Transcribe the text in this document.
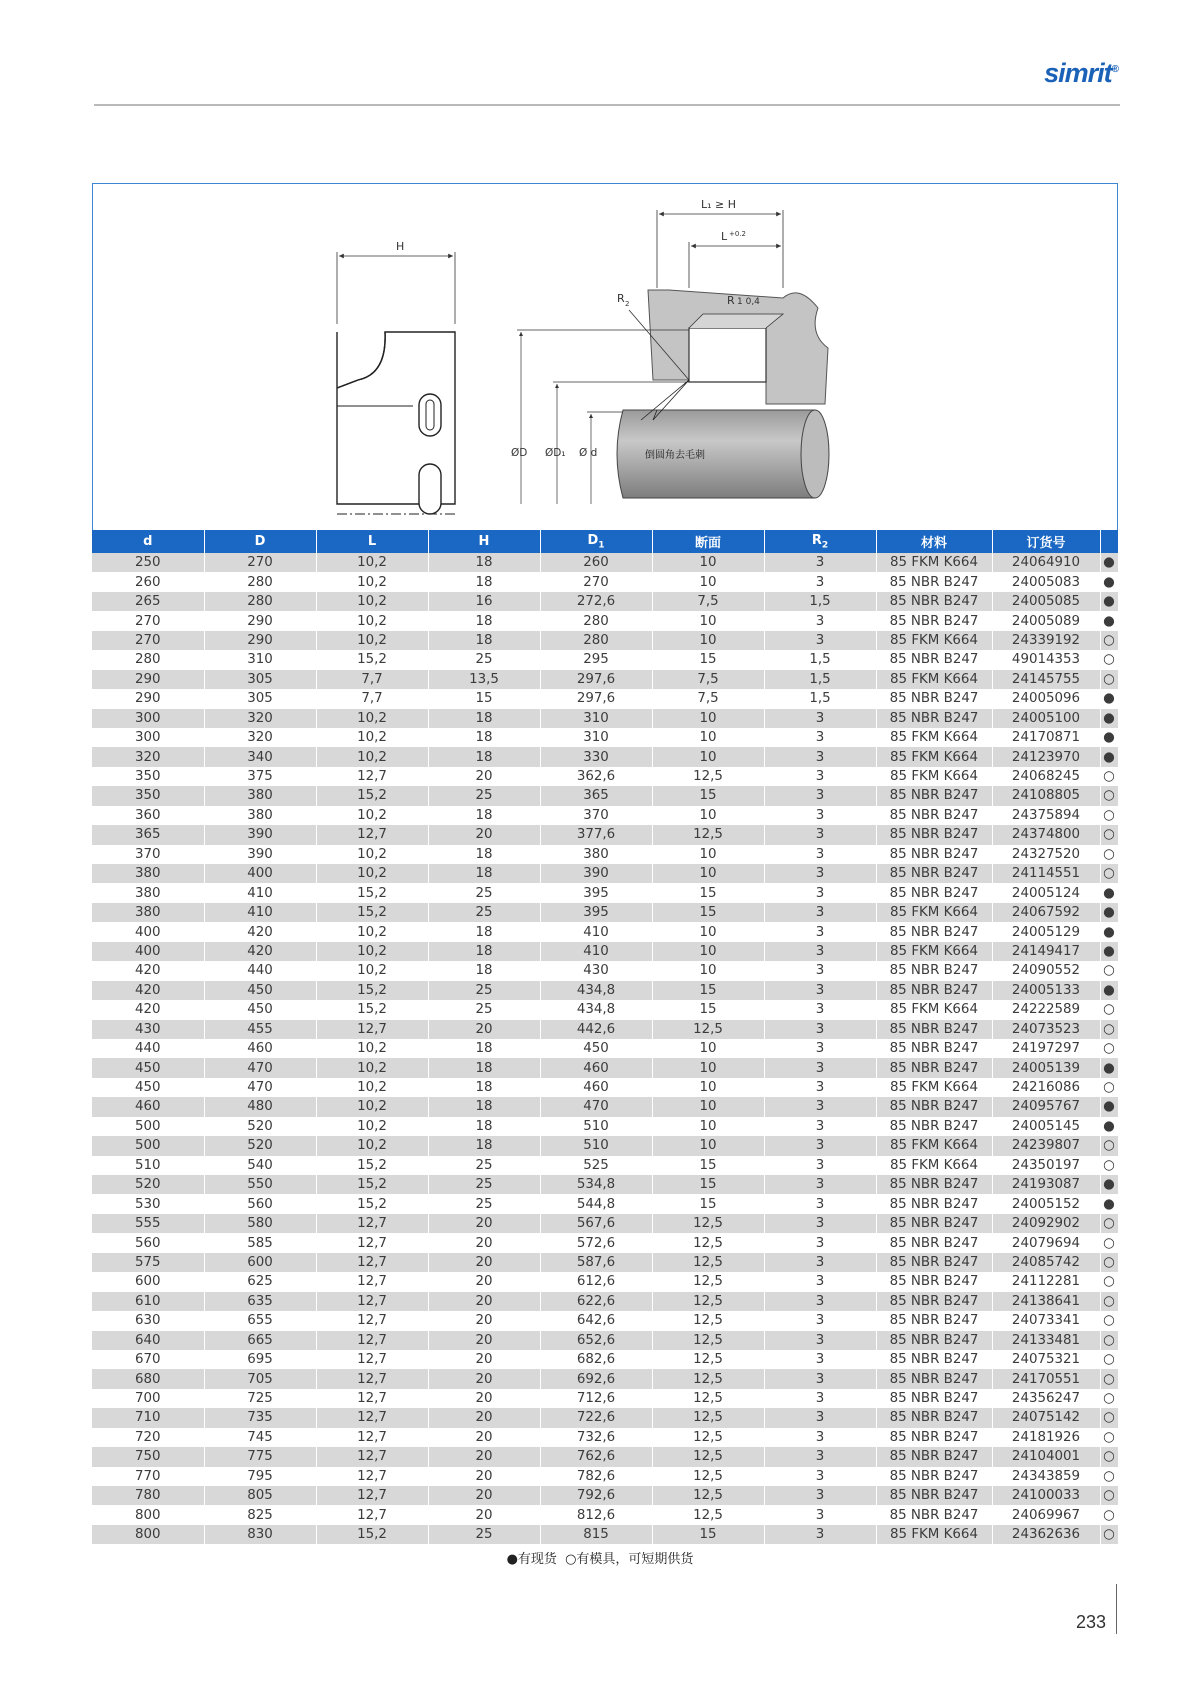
simrit®
H
L₁ ≥ H
L +0.2
R 2	R 1 0,4
倒圆角去毛刺
ØD ØD₁ Ø d
d	D	L	H	$D_1$	断面	$R_2$	材料	订货号	
250	270	10,2	18	260	10	3	85 FKM K664	24064910	●
260	280	10,2	18	270	10	3	85 NBR B247	24005083	●
265	280	10,2	16	272,6	7,5	1,5	85 NBR B247	24005085	●
270	290	10,2	18	280	10	3	85 NBR B247	24005089	●
270	290	10,2	18	280	10	3	85 FKM K664	24339192	○
280	310	15,2	25	295	15	1,5	85 NBR B247	49014353	○
290	305	7,7	13,5	297,6	7,5	1,5	85 FKM K664	24145755	○
290	305	7,7	15	297,6	7,5	1,5	85 NBR B247	24005096	●
300	320	10,2	18	310	10	3	85 NBR B247	24005100	●
300	320	10,2	18	310	10	3	85 FKM K664	24170871	●
320	340	10,2	18	330	10	3	85 FKM K664	24123970	●
350	375	12,7	20	362,6	12,5	3	85 FKM K664	24068245	○
350	380	15,2	25	365	15	3	85 NBR B247	24108805	○
360	380	10,2	18	370	10	3	85 NBR B247	24375894	○
365	390	12,7	20	377,6	12,5	3	85 NBR B247	24374800	○
370	390	10,2	18	380	10	3	85 NBR B247	24327520	○
380	400	10,2	18	390	10	3	85 NBR B247	24114551	○
380	410	15,2	25	395	15	3	85 NBR B247	24005124	●
380	410	15,2	25	395	15	3	85 FKM K664	24067592	●
400	420	10,2	18	410	10	3	85 NBR B247	24005129	●
400	420	10,2	18	410	10	3	85 FKM K664	24149417	●
420	440	10,2	18	430	10	3	85 NBR B247	24090552	○
420	450	15,2	25	434,8	15	3	85 NBR B247	24005133	●
420	450	15,2	25	434,8	15	3	85 FKM K664	24222589	○
430	455	12,7	20	442,6	12,5	3	85 NBR B247	24073523	○
440	460	10,2	18	450	10	3	85 NBR B247	24197297	○
450	470	10,2	18	460	10	3	85 NBR B247	24005139	●
450	470	10,2	18	460	10	3	85 FKM K664	24216086	○
460	480	10,2	18	470	10	3	85 NBR B247	24095767	●
500	520	10,2	18	510	10	3	85 NBR B247	24005145	●
500	520	10,2	18	510	10	3	85 FKM K664	24239807	○
510	540	15,2	25	525	15	3	85 FKM K664	24350197	○
520	550	15,2	25	534,8	15	3	85 NBR B247	24193087	●
530	560	15,2	25	544,8	15	3	85 NBR B247	24005152	●
555	580	12,7	20	567,6	12,5	3	85 NBR B247	24092902	○
560	585	12,7	20	572,6	12,5	3	85 NBR B247	24079694	○
575	600	12,7	20	587,6	12,5	3	85 NBR B247	24085742	○
600	625	12,7	20	612,6	12,5	3	85 NBR B247	24112281	○
610	635	12,7	20	622,6	12,5	3	85 NBR B247	24138641	○
630	655	12,7	20	642,6	12,5	3	85 NBR B247	24073341	○
640	665	12,7	20	652,6	12,5	3	85 NBR B247	24133481	○
670	695	12,7	20	682,6	12,5	3	85 NBR B247	24075321	○
680	705	12,7	20	692,6	12,5	3	85 NBR B247	24170551	○
700	725	12,7	20	712,6	12,5	3	85 NBR B247	24356247	○
710	735	12,7	20	722,6	12,5	3	85 NBR B247	24075142	○
720	745	12,7	20	732,6	12,5	3	85 NBR B247	24181926	○
750	775	12,7	20	762,6	12,5	3	85 NBR B247	24104001	○
770	795	12,7	20	782,6	12,5	3	85 NBR B247	24343859	○
780	805	12,7	20	792,6	12,5	3	85 NBR B247	24100033	○
800	825	12,7	20	812,6	12,5	3	85 NBR B247	24069967	○
800	830	15,2	25	815	15	3	85 FKM K664	24362636	○
●有现货 ○有模具，可短期供货
233
